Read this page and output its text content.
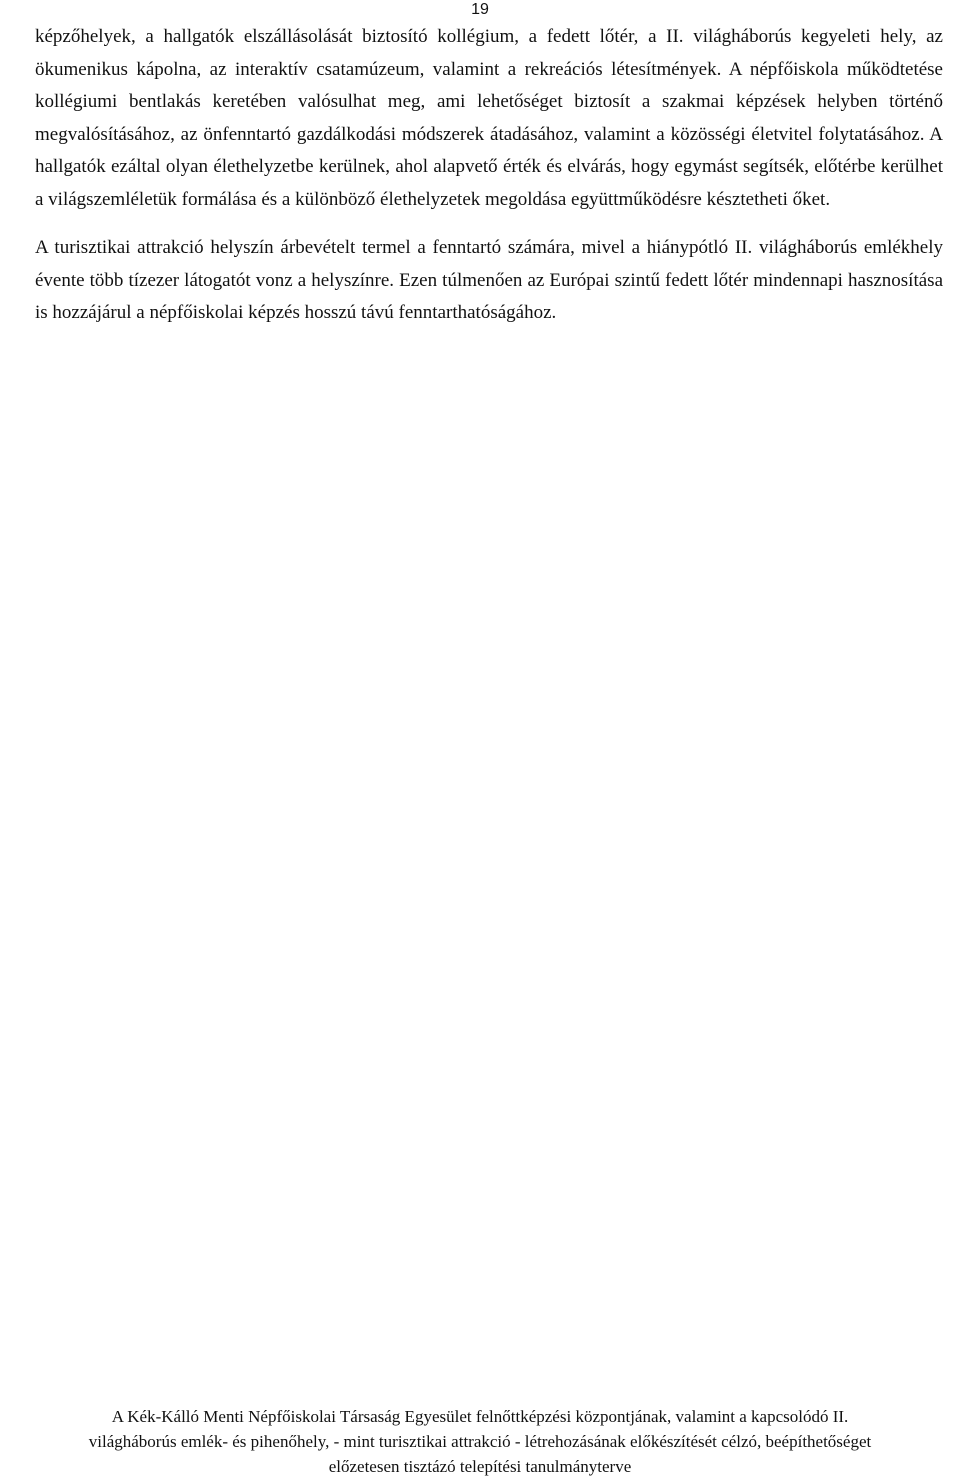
19

képzőhelyek, a hallgatók elszállásolását biztosító kollégium, a fedett lőtér, a II. világháborús kegyeleti hely, az ökumenikus kápolna, az interaktív csatamúzeum, valamint a rekreációs létesítmények. A népfőiskola működtetése kollégiumi bentlakás keretében valósulhat meg, ami lehetőséget biztosít a szakmai képzések helyben történő megvalósításához, az önfenntartó gazdálkodási módszerek átadásához, valamint a közösségi életvitel folytatásához. A hallgatók ezáltal olyan élethelyzetbe kerülnek, ahol alapvető érték és elvárás, hogy egymást segítsék, előtérbe kerülhet a világszemléletük formálása és a különböző élethelyzetek megoldása együttműködésre késztetheti őket.

A turisztikai attrakció helyszín árbevételt termel a fenntartó számára, mivel a hiánypótló II. világháborús emlékhely évente több tízezer látogatót vonz a helyszínre. Ezen túlmenően az Európai szintű fedett lőtér mindennapi hasznosítása is hozzájárul a népfőiskolai képzés hosszú távú fenntarthatóságához.

A Kék-Kálló Menti Népfőiskolai Társaság Egyesület felnőttképzési központjának, valamint a kapcsolódó II.
világháborús emlék- és pihenőhely, - mint turisztikai attrakció - létrehozásának előkészítését célzó, beépíthetőséget
előzetesen tisztázó telepítési tanulmányterve
